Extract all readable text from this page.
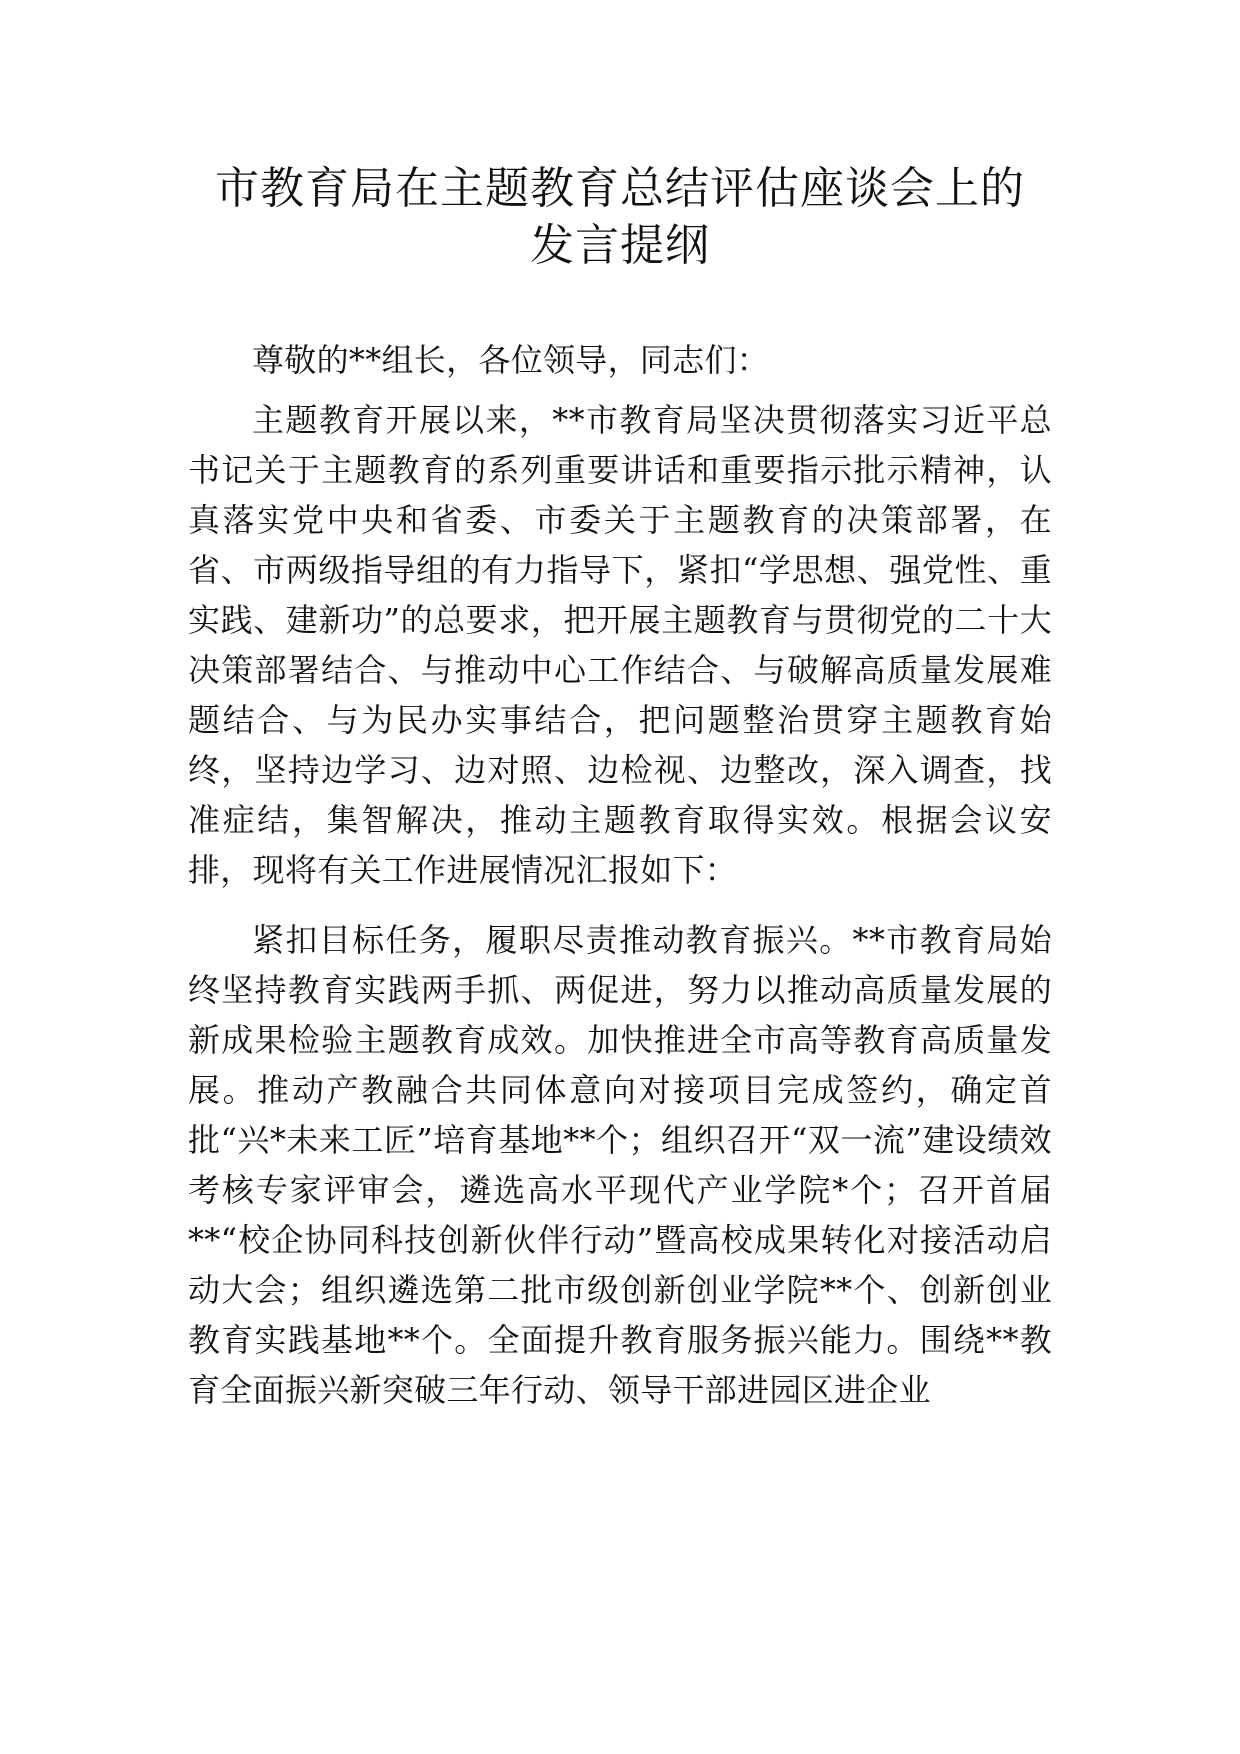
市教育局在主题教育总结评估座谈会上的
发言提纲

尊敬的**组长，各位领导，同志们：

主题教育开展以来，**市教育局坚决贯彻落实习近平总书记关于主题教育的系列重要讲话和重要指示批示精神，认真落实党中央和省委、市委关于主题教育的决策部署，在省、市两级指导组的有力指导下，紧扣“学思想、强党性、重实践、建新功”的总要求，把开展主题教育与贯彻党的二十大决策部署结合、与推动中心工作结合、与破解高质量发展难题结合、与为民办实事结合，把问题整治贯穿主题教育始终，坚持边学习、边对照、边检视、边整改，深入调查，找准症结，集智解决，推动主题教育取得实效。根据会议安排，现将有关工作进展情况汇报如下：

紧扣目标任务，履职尽责推动教育振兴。**市教育局始终坚持教育实践两手抓、两促进，努力以推动高质量发展的新成果检验主题教育成效。加快推进全市高等教育高质量发展。推动产教融合共同体意向对接项目完成签约，确定首批“兴*未来工匠”培育基地**个；组织召开“双一流”建设绩效考核专家评审会，遴选高水平现代产业学院*个；召开首届**“校企协同科技创新伙伴行动”暨高校成果转化对接活动启动大会；组织遴选第二批市级创新创业学院**个、创新创业教育实践基地**个。全面提升教育服务振兴能力。围绕**教育全面振兴新突破三年行动、领导干部进园区进企业
